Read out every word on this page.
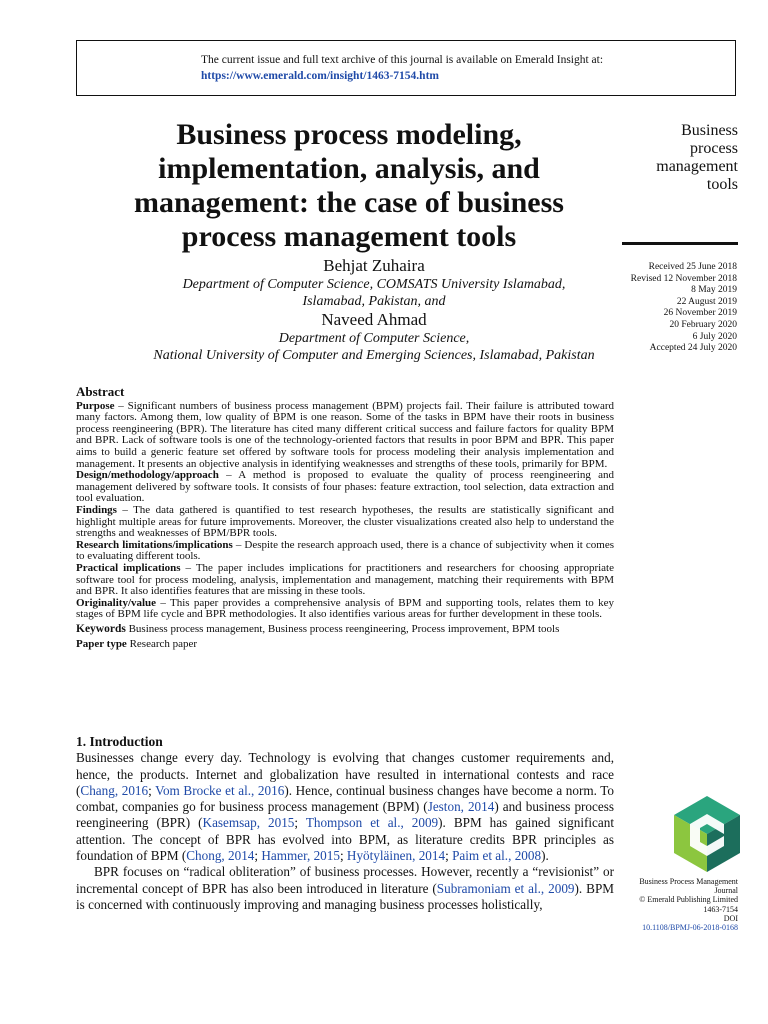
The current issue and full text archive of this journal is available on Emerald Insight at:
https://www.emerald.com/insight/1463-7154.htm
Business process modeling,
implementation, analysis, and
management: the case of business
process management tools
Business
process
management
tools
Received 25 June 2018
Revised 12 November 2018
8 May 2019
22 August 2019
26 November 2019
20 February 2020
6 July 2020
Accepted 24 July 2020
Behjat Zuhaira
Department of Computer Science, COMSATS University Islamabad,
Islamabad, Pakistan, and
Naveed Ahmad
Department of Computer Science,
National University of Computer and Emerging Sciences, Islamabad, Pakistan
Abstract

Purpose – Significant numbers of business process management (BPM) projects fail. Their failure is attributed toward many factors. Among them, low quality of BPM is one reason. Some of the tasks in BPM have their roots in business process reengineering (BPR). The literature has cited many different critical success and failure factors for quality BPM and BPR. Lack of software tools is one of the technology-oriented factors that results in poor BPM and BPR. This paper aims to build a generic feature set offered by software tools for process modeling their analysis implementation and management. It presents an objective analysis in identifying weaknesses and strengths of these tools, primarily for BPM.

Design/methodology/approach – A method is proposed to evaluate the quality of process reengineering and management delivered by software tools. It consists of four phases: feature extraction, tool selection, data extraction and tool evaluation.

Findings – The data gathered is quantified to test research hypotheses, the results are statistically significant and highlight multiple areas for future improvements. Moreover, the cluster visualizations created also help to understand the strengths and weaknesses of BPM/BPR tools.

Research limitations/implications – Despite the research approach used, there is a chance of subjectivity when it comes to evaluating different tools.

Practical implications – The paper includes implications for practitioners and researchers for choosing appropriate software tool for process modeling, analysis, implementation and management, matching their requirements with BPM and BPR. It also identifies features that are missing in these tools.

Originality/value – This paper provides a comprehensive analysis of BPM and supporting tools, relates them to key stages of BPM life cycle and BPR methodologies. It also identifies various areas for further development in these tools.

Keywords Business process management, Business process reengineering, Process improvement, BPM tools

Paper type Research paper

1. Introduction

Businesses change every day. Technology is evolving that changes customer requirements and, hence, the products. Internet and globalization have resulted in international contests and race (Chang, 2016; Vom Brocke et al., 2016). Hence, continual business changes have become a norm. To combat, companies go for business process management (BPM) (Jeston, 2014) and business process reengineering (BPR) (Kasemsap, 2015; Thompson et al., 2009). BPM has gained significant attention. The concept of BPR has evolved into BPM, as literature credits BPR principles as foundation of BPM (Chong, 2014; Hammer, 2015; Hyötyläinen, 2014; Paim et al., 2008).

BPR focuses on “radical obliteration” of business processes. However, recently a “revisionist” or incremental concept of BPR has also been introduced in literature (Subramoniam et al., 2009). BPM is concerned with continuously improving and managing business processes holistically,

Business Process Management
Journal
© Emerald Publishing Limited
1463-7154
DOI
10.1108/BPMJ-06-2018-0168
